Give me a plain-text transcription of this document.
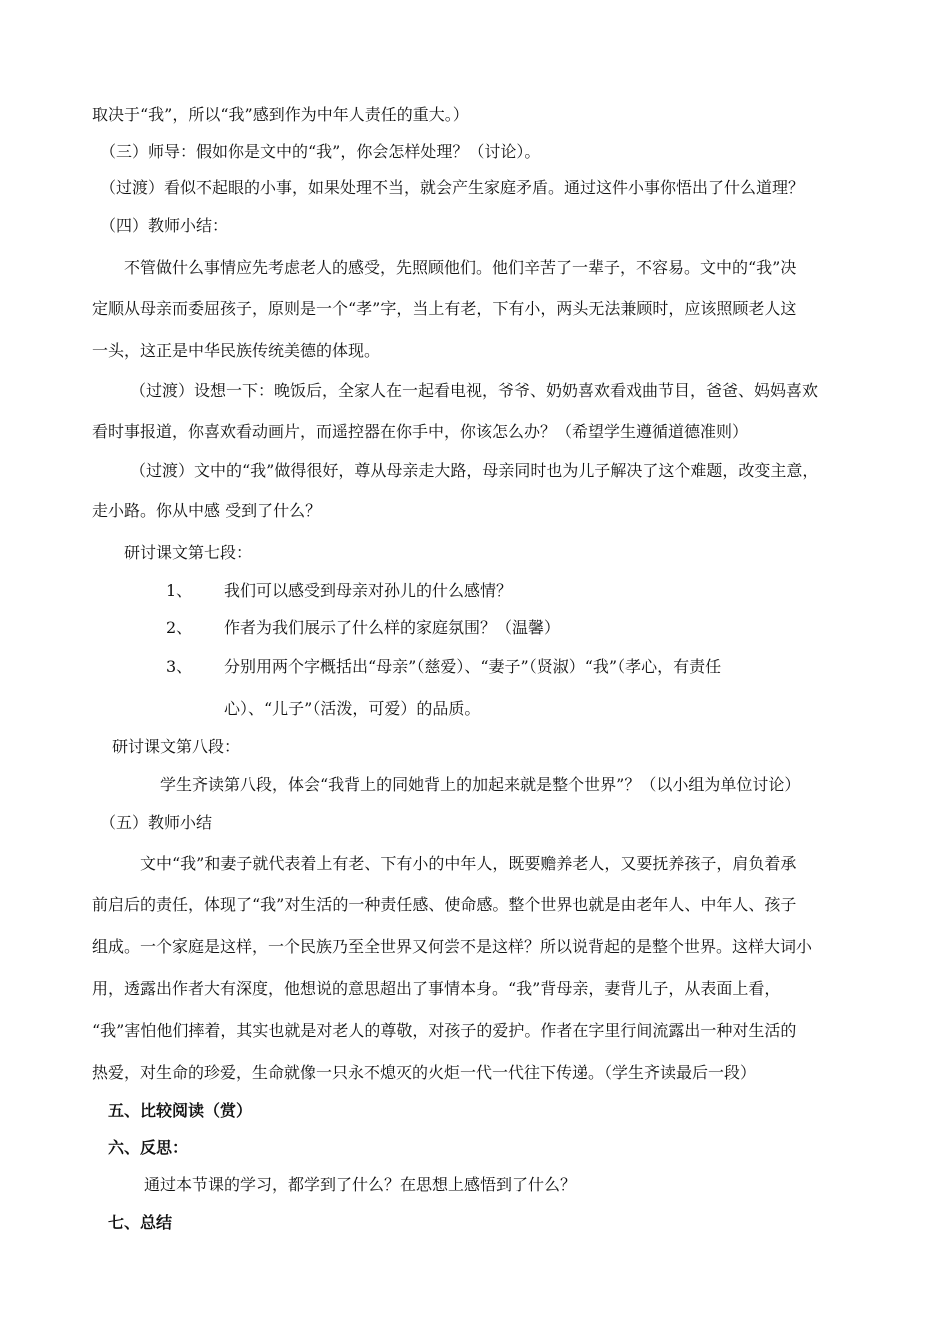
取决于“我”，所以“我”感到作为中年人责任的重大。）
（三）师导：假如你是文中的“我”，你会怎样处理？（讨论）。
（过渡）看似不起眼的小事，如果处理不当，就会产生家庭矛盾。通过这件小事你悟出了什么道理？
（四）教师小结：
不管做什么事情应先考虑老人的感受，先照顾他们。他们辛苦了一辈子，不容易。文中的“我”决
定顺从母亲而委屈孩子，原则是一个“孝”字，当上有老，下有小，两头无法兼顾时，应该照顾老人这
一头，这正是中华民族传统美德的体现。
（过渡）设想一下：晚饭后，全家人在一起看电视，爷爷、奶奶喜欢看戏曲节目，爸爸、妈妈喜欢
看时事报道，你喜欢看动画片，而遥控器在你手中，你该怎么办？（希望学生遵循道德准则）
（过渡）文中的“我”做得很好，尊从母亲走大路，母亲同时也为儿子解决了这个难题，改变主意，
走小路。你从中感 受到了什么？
研讨课文第七段：
1、 我们可以感受到母亲对孙儿的什么感情？
2、 作者为我们展示了什么样的家庭氛围？（温馨）
3、 分别用两个字概括出“母亲”（慈爱）、“妻子”（贤淑）“我”（孝心，有责任
心）、“儿子”（活泼，可爱）的品质。
研讨课文第八段：
学生齐读第八段，体会“我背上的同她背上的加起来就是整个世界”？（以小组为单位讨论）
（五）教师小结
文中“我”和妻子就代表着上有老、下有小的中年人，既要赡养老人，又要抚养孩子，肩负着承
前启后的责任，体现了“我”对生活的一种责任感、使命感。整个世界也就是由老年人、中年人、孩子
组成。一个家庭是这样，一个民族乃至全世界又何尝不是这样？所以说背起的是整个世界。这样大词小
用，透露出作者大有深度，他想说的意思超出了事情本身。“我”背母亲，妻背儿子，从表面上看，
“我”害怕他们摔着，其实也就是对老人的尊敬，对孩子的爱护。作者在字里行间流露出一种对生活的
热爱，对生命的珍爱，生命就像一只永不熄灭的火炬一代一代往下传递。（学生齐读最后一段）
五、比较阅读（赏）
六、反思：
通过本节课的学习，都学到了什么？在思想上感悟到了什么？
七、总结
